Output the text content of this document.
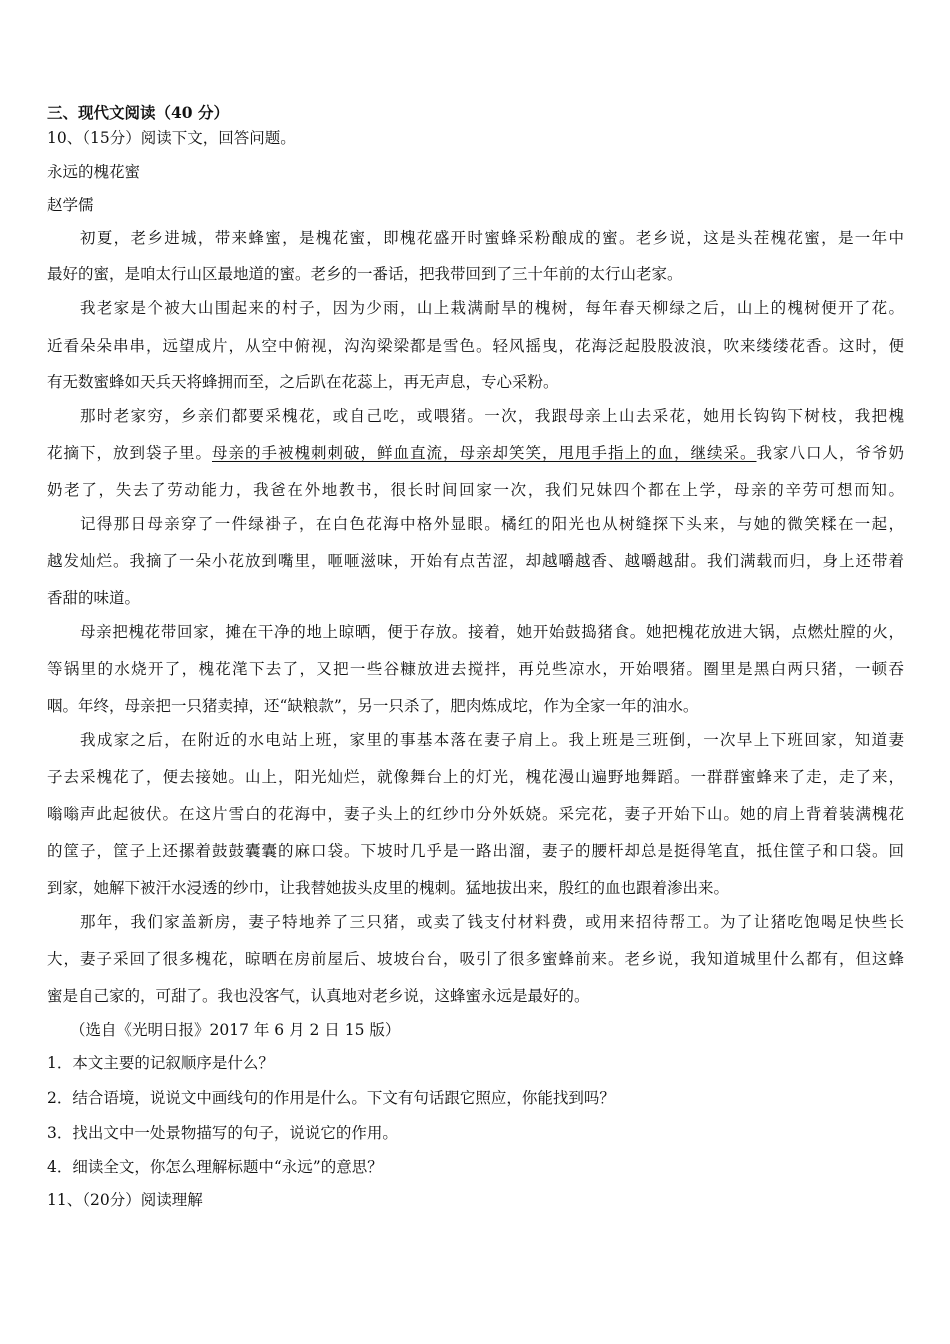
三、现代文阅读（40 分）
10、（15分）阅读下文，回答问题。
永远的槐花蜜
赵学儒
初夏，老乡进城，带来蜂蜜，是槐花蜜，即槐花盛开时蜜蜂采粉酿成的蜜。老乡说，这是头茬槐花蜜，是一年中
最好的蜜，是咱太行山区最地道的蜜。老乡的一番话，把我带回到了三十年前的太行山老家。
我老家是个被大山围起来的村子，因为少雨，山上栽满耐旱的槐树，每年春天柳绿之后，山上的槐树便开了花。
近看朵朵串串，远望成片，从空中俯视，沟沟梁梁都是雪色。轻风摇曳，花海泛起股股波浪，吹来缕缕花香。这时，便
有无数蜜蜂如天兵天将蜂拥而至，之后趴在花蕊上，再无声息，专心采粉。
那时老家穷，乡亲们都要采槐花，或自己吃，或喂猪。一次，我跟母亲上山去采花，她用长钩钩下树枝，我把槐
花摘下，放到袋子里。母亲的手被槐刺刺破，鲜血直流，母亲却笑笑，甩甩手指上的血，继续采。我家八口人，爷爷奶
奶老了，失去了劳动能力，我爸在外地教书，很长时间回家一次，我们兄妹四个都在上学，母亲的辛劳可想而知。
记得那日母亲穿了一件绿褂子，在白色花海中格外显眼。橘红的阳光也从树缝探下头来，与她的微笑糅在一起，
越发灿烂。我摘了一朵小花放到嘴里，咂咂滋味，开始有点苦涩，却越嚼越香、越嚼越甜。我们满载而归，身上还带着
香甜的味道。
母亲把槐花带回家，摊在干净的地上晾晒，便于存放。接着，她开始鼓捣猪食。她把槐花放进大锅，点燃灶膛的火，
等锅里的水烧开了，槐花滗下去了，又把一些谷糠放进去搅拌，再兑些凉水，开始喂猪。圈里是黑白两只猪，一顿吞
咽。年终，母亲把一只猪卖掉，还“缺粮款”，另一只杀了，肥肉炼成坨，作为全家一年的油水。
我成家之后，在附近的水电站上班，家里的事基本落在妻子肩上。我上班是三班倒，一次早上下班回家，知道妻
子去采槐花了，便去接她。山上，阳光灿烂，就像舞台上的灯光，槐花漫山遍野地舞蹈。一群群蜜蜂来了走，走了来，
嗡嗡声此起彼伏。在这片雪白的花海中，妻子头上的红纱巾分外妖娆。采完花，妻子开始下山。她的肩上背着装满槐花
的筐子，筐子上还摞着鼓鼓囊囊的麻口袋。下坡时几乎是一路出溜，妻子的腰杆却总是挺得笔直，抵住筐子和口袋。回
到家，她解下被汗水浸透的纱巾，让我替她拔头皮里的槐刺。猛地拔出来，殷红的血也跟着渗出来。
那年，我们家盖新房，妻子特地养了三只猪，或卖了钱支付材料费，或用来招待帮工。为了让猪吃饱喝足快些长
大，妻子采回了很多槐花，晾晒在房前屋后、坡坡台台，吸引了很多蜜蜂前来。老乡说，我知道城里什么都有，但这蜂
蜜是自己家的，可甜了。我也没客气，认真地对老乡说，这蜂蜜永远是最好的。
（选自《光明日报》2017 年 6 月 2 日 15 版）
1．本文主要的记叙顺序是什么？
2．结合语境，说说文中画线句的作用是什么。下文有句话跟它照应，你能找到吗？
3．找出文中一处景物描写的句子，说说它的作用。
4．细读全文，你怎么理解标题中“永远”的意思？
11、（20分）阅读理解
